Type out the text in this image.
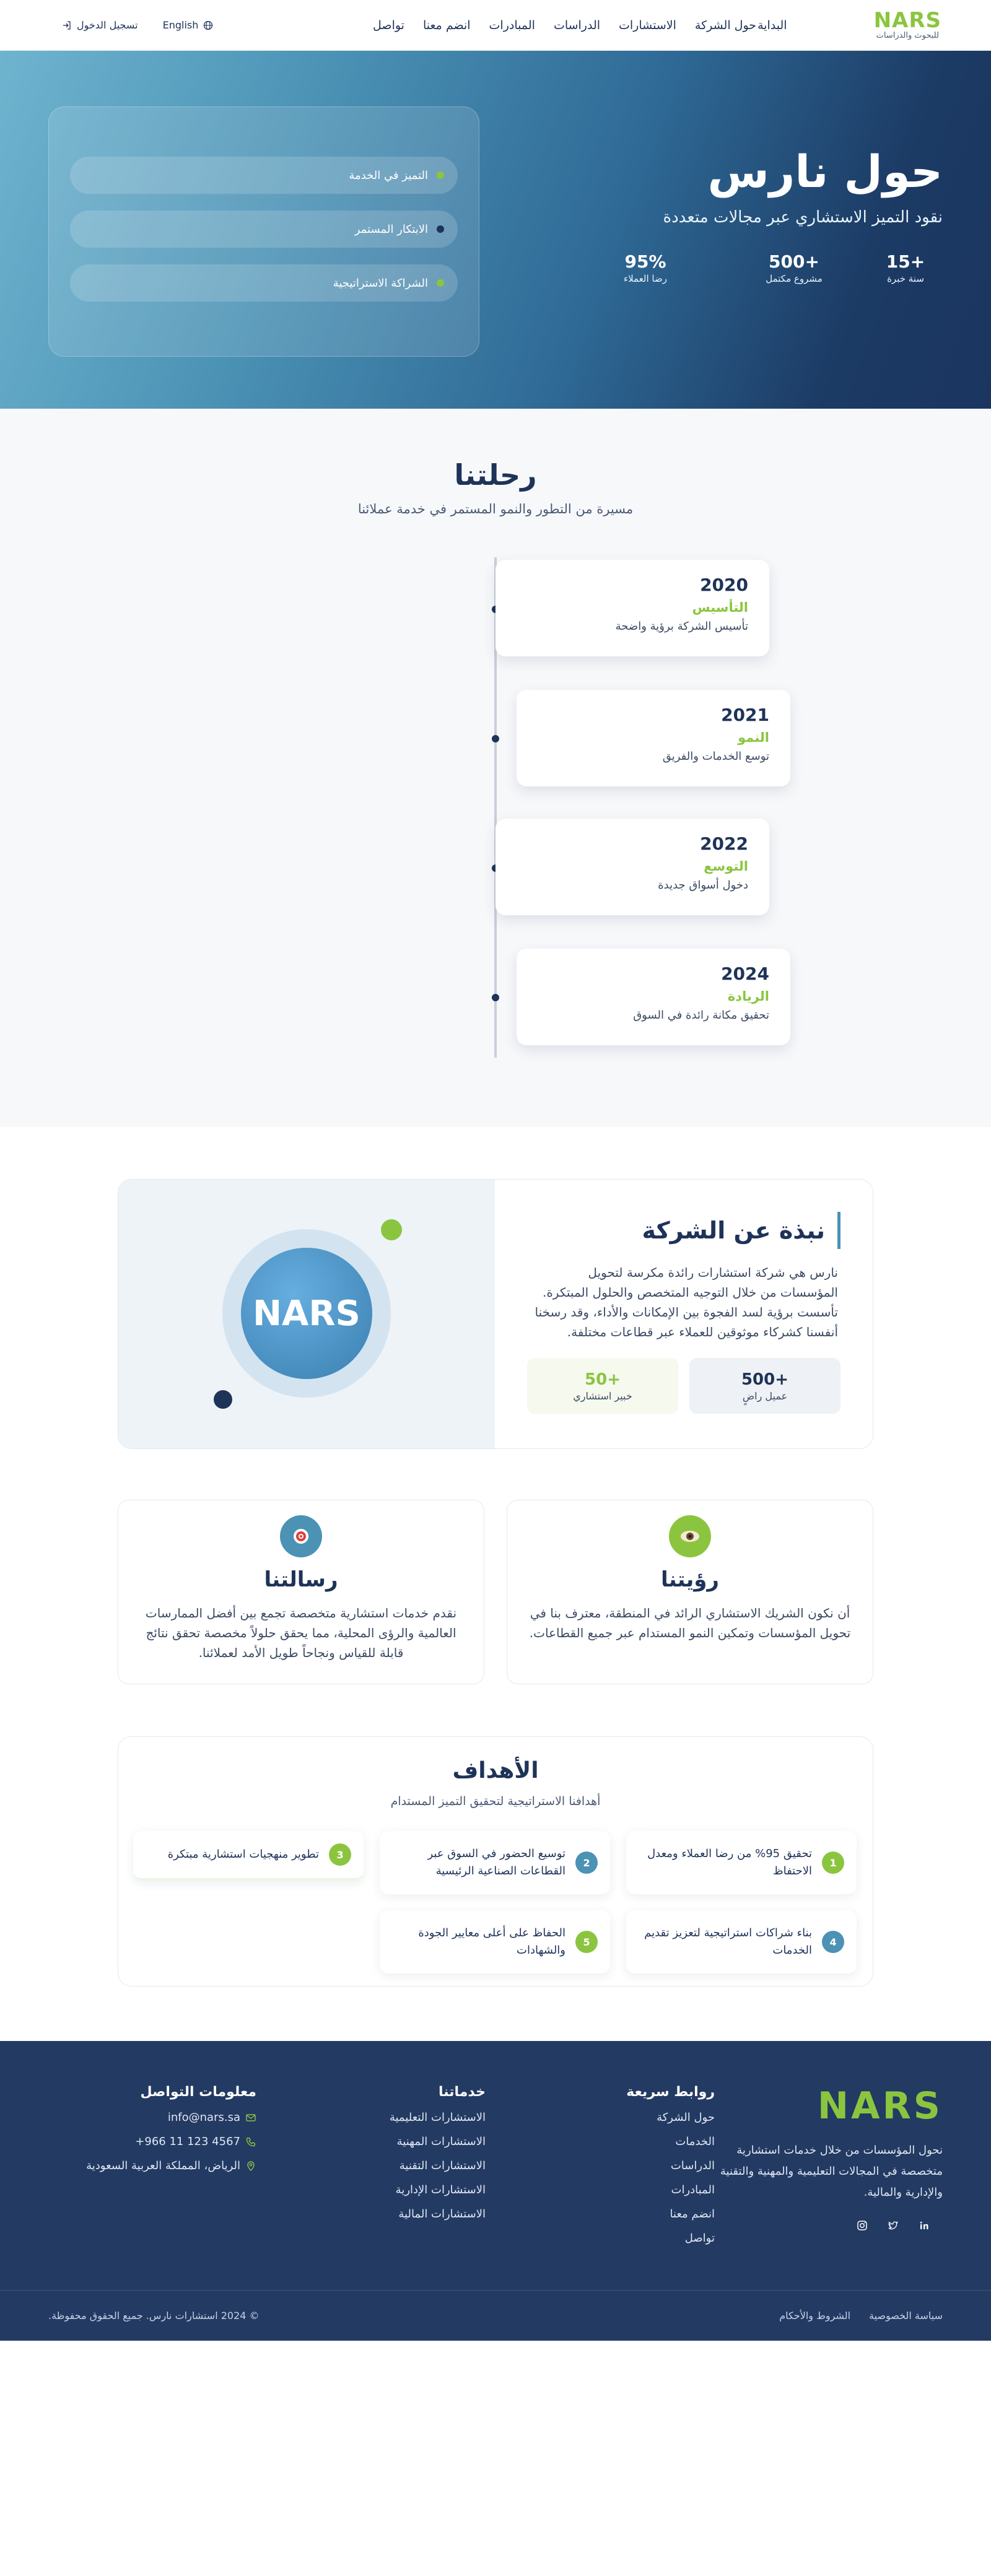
NARS
للبحوث والدراسات
البداية
حول الشركة
الاستشارات
الدراسات
المبادرات
انضم معنا
تواصل
English
تسجيل الدخول
حول نارس
نقود التميز الاستشاري عبر مجالات متعددة
15+
سنة خبرة
500+
مشروع مكتمل
95%
رضا العملاء
التميز في الخدمة
الابتكار المستمر
الشراكة الاستراتيجية
رحلتنا
مسيرة من التطور والنمو المستمر في خدمة عملائنا
2020
التأسيس
تأسيس الشركة برؤية واضحة
2021
النمو
توسع الخدمات والفريق
2022
التوسع
دخول أسواق جديدة
2024
الريادة
تحقيق مكانة رائدة في السوق
نبذة عن الشركة
نارس هي شركة استشارات رائدة مكرسة لتحويل المؤسسات من خلال التوجيه المتخصص والحلول المبتكرة. تأسست برؤية لسد الفجوة بين الإمكانات والأداء، وقد رسخنا أنفسنا كشركاء موثوقين للعملاء عبر قطاعات مختلفة.
500+
عميل راضٍ
50+
خبير استشاري
NARS
رؤيتنا
أن نكون الشريك الاستشاري الرائد في المنطقة، معترف بنا في تحويل المؤسسات وتمكين النمو المستدام عبر جميع القطاعات.
رسالتنا
نقدم خدمات استشارية متخصصة تجمع بين أفضل الممارسات العالمية والرؤى المحلية، مما يحقق حلولاً مخصصة تحقق نتائج قابلة للقياس ونجاحاً طويل الأمد لعملائنا.
الأهداف
أهدافنا الاستراتيجية لتحقيق التميز المستدام
1
تحقيق 95% من رضا العملاء ومعدل الاحتفاظ
2
توسيع الحضور في السوق عبر القطاعات الصناعية الرئيسية
3
تطوير منهجيات استشارية مبتكرة
4
بناء شراكات استراتيجية لتعزيز تقديم الخدمات
5
الحفاظ على أعلى معايير الجودة والشهادات
NARS
نحول المؤسسات من خلال خدمات استشارية متخصصة في المجالات التعليمية والمهنية والتقنية والإدارية والمالية.
روابط سريعة
حول الشركة
الخدمات
الدراسات
المبادرات
انضم معنا
تواصل
خدماتنا
الاستشارات التعليمية
الاستشارات المهنية
الاستشارات التقنية
الاستشارات الإدارية
الاستشارات المالية
معلومات التواصل
info@nars.sa
+966 11 123 4567
الرياض، المملكة العربية السعودية
سياسة الخصوصية
الشروط والأحكام
© 2024 استشارات نارس. جميع الحقوق محفوظة.
